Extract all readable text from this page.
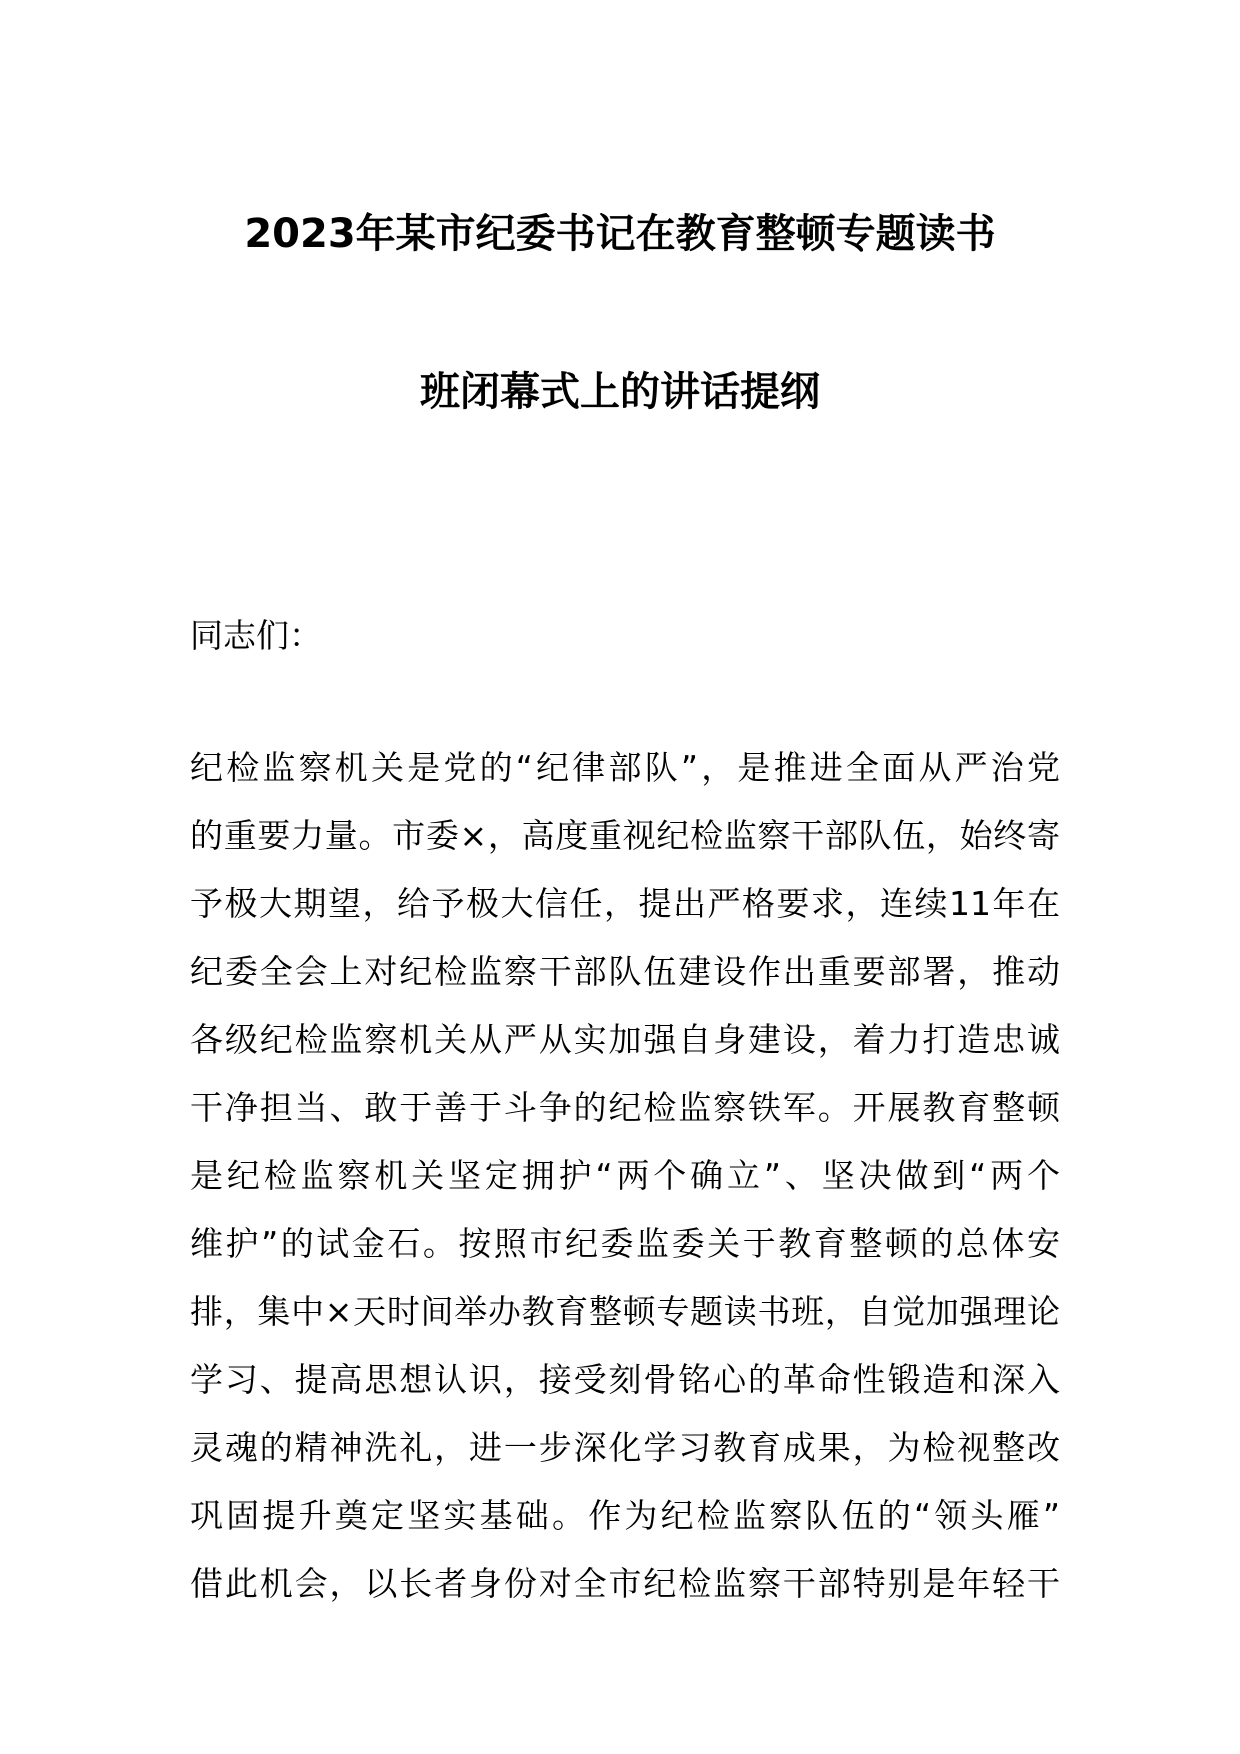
2023年某市纪委书记在教育整顿专题读书
班闭幕式上的讲话提纲
同志们：
纪检监察机关是党的“纪律部队”，是推进全面从严治党
的重要力量。市委×，高度重视纪检监察干部队伍，始终寄
予极大期望，给予极大信任，提出严格要求，连续11年在
纪委全会上对纪检监察干部队伍建设作出重要部署，推动
各级纪检监察机关从严从实加强自身建设，着力打造忠诚
干净担当、敢于善于斗争的纪检监察铁军。开展教育整顿
是纪检监察机关坚定拥护“两个确立”、坚决做到“两个
维护”的试金石。按照市纪委监委关于教育整顿的总体安
排，集中×天时间举办教育整顿专题读书班，自觉加强理论
学习、提高思想认识，接受刻骨铭心的革命性锻造和深入
灵魂的精神洗礼，进一步深化学习教育成果，为检视整改
巩固提升奠定坚实基础。作为纪检监察队伍的“领头雁”
借此机会，以长者身份对全市纪检监察干部特别是年轻干
